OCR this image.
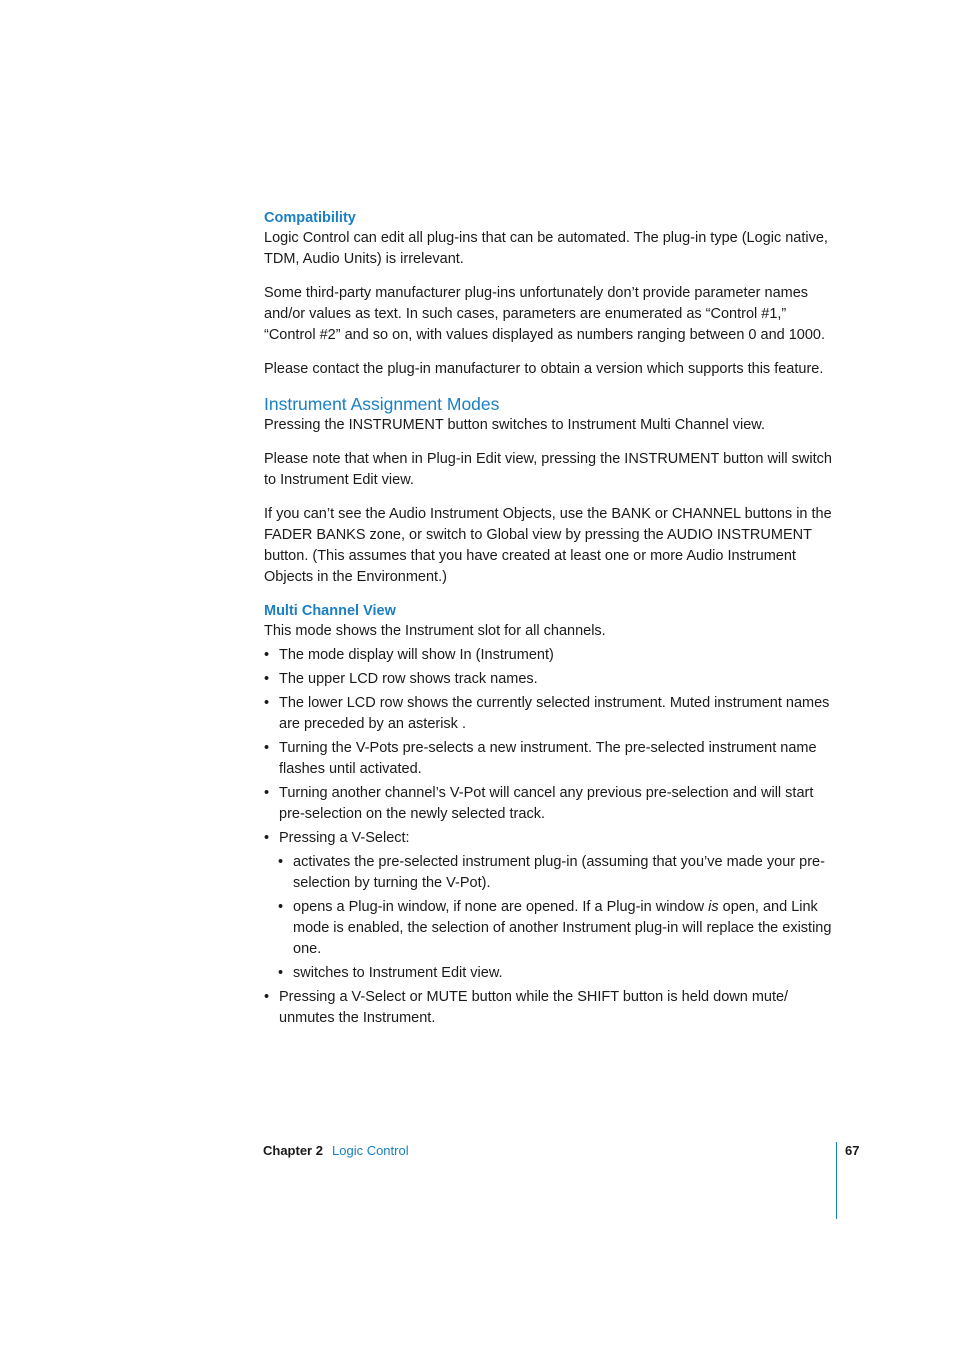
Compatibility

Logic Control can edit all plug-ins that can be automated. The plug-in type (Logic native, TDM, Audio Units) is irrelevant.

Some third-party manufacturer plug-ins unfortunately don’t provide parameter names and/or values as text. In such cases, parameters are enumerated as “Control #1,” “Control #2” and so on, with values displayed as numbers ranging between 0 and 1000.

Please contact the plug-in manufacturer to obtain a version which supports this feature.

Instrument Assignment Modes

Pressing the INSTRUMENT button switches to Instrument Multi Channel view.

Please note that when in Plug-in Edit view, pressing the INSTRUMENT button will switch to Instrument Edit view.

If you can’t see the Audio Instrument Objects, use the BANK or CHANNEL buttons in the FADER BANKS zone, or switch to Global view by pressing the AUDIO INSTRUMENT button. (This assumes that you have created at least one or more Audio Instrument Objects in the Environment.)

Multi Channel View

This mode shows the Instrument slot for all channels.

• The mode display will show In (Instrument)
• The upper LCD row shows track names.
• The lower LCD row shows the currently selected instrument. Muted instrument names are preceded by an asterisk .
• Turning the V-Pots pre-selects a new instrument. The pre-selected instrument name flashes until activated.
• Turning another channel’s V-Pot will cancel any previous pre-selection and will start pre-selection on the newly selected track.
• Pressing a V-Select:
• activates the pre-selected instrument plug-in (assuming that you’ve made your pre-selection by turning the V-Pot).
• opens a Plug-in window, if none are opened. If a Plug-in window is open, and Link mode is enabled, the selection of another Instrument plug-in will replace the existing one.
• switches to Instrument Edit view.
• Pressing a V-Select or MUTE button while the SHIFT button is held down mute/ unmutes the Instrument.
Chapter 2 Logic Control	67
